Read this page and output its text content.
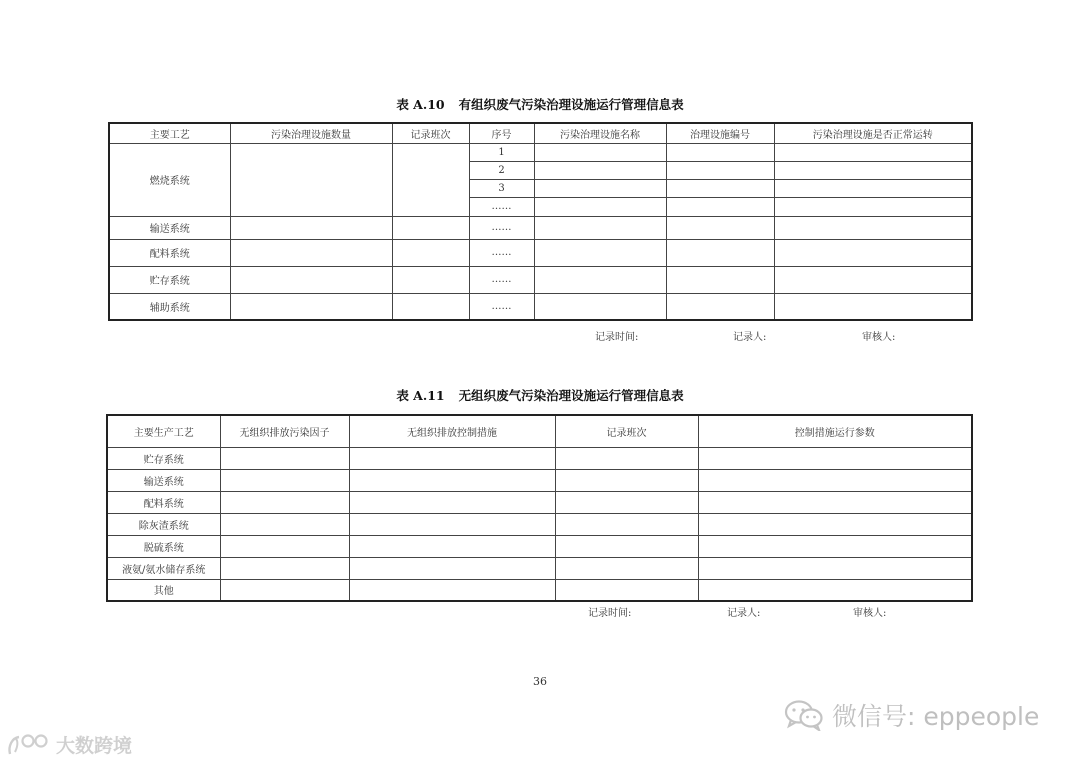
表 A.10 有组织废气污染治理设施运行管理信息表
主要工艺	污染治理设施数量	记录班次	序号	污染治理设施名称	治理设施编号	污染治理设施是否正常运转
燃烧系统			1			
			2			
			3			
			……			
输送系统			……			
配料系统			……			
贮存系统			……			
辅助系统			……			
记录时间:	记录人:	审核人:
表 A.11 无组织废气污染治理设施运行管理信息表
主要生产工艺	无组织排放污染因子	无组织排放控制措施	记录班次	控制措施运行参数
贮存系统				
输送系统				
配料系统				
除灰渣系统				
脱硫系统				
液氨/氨水储存系统				
其他				
记录时间:	记录人:	审核人:
36
微信号: eppeople
大数跨境
